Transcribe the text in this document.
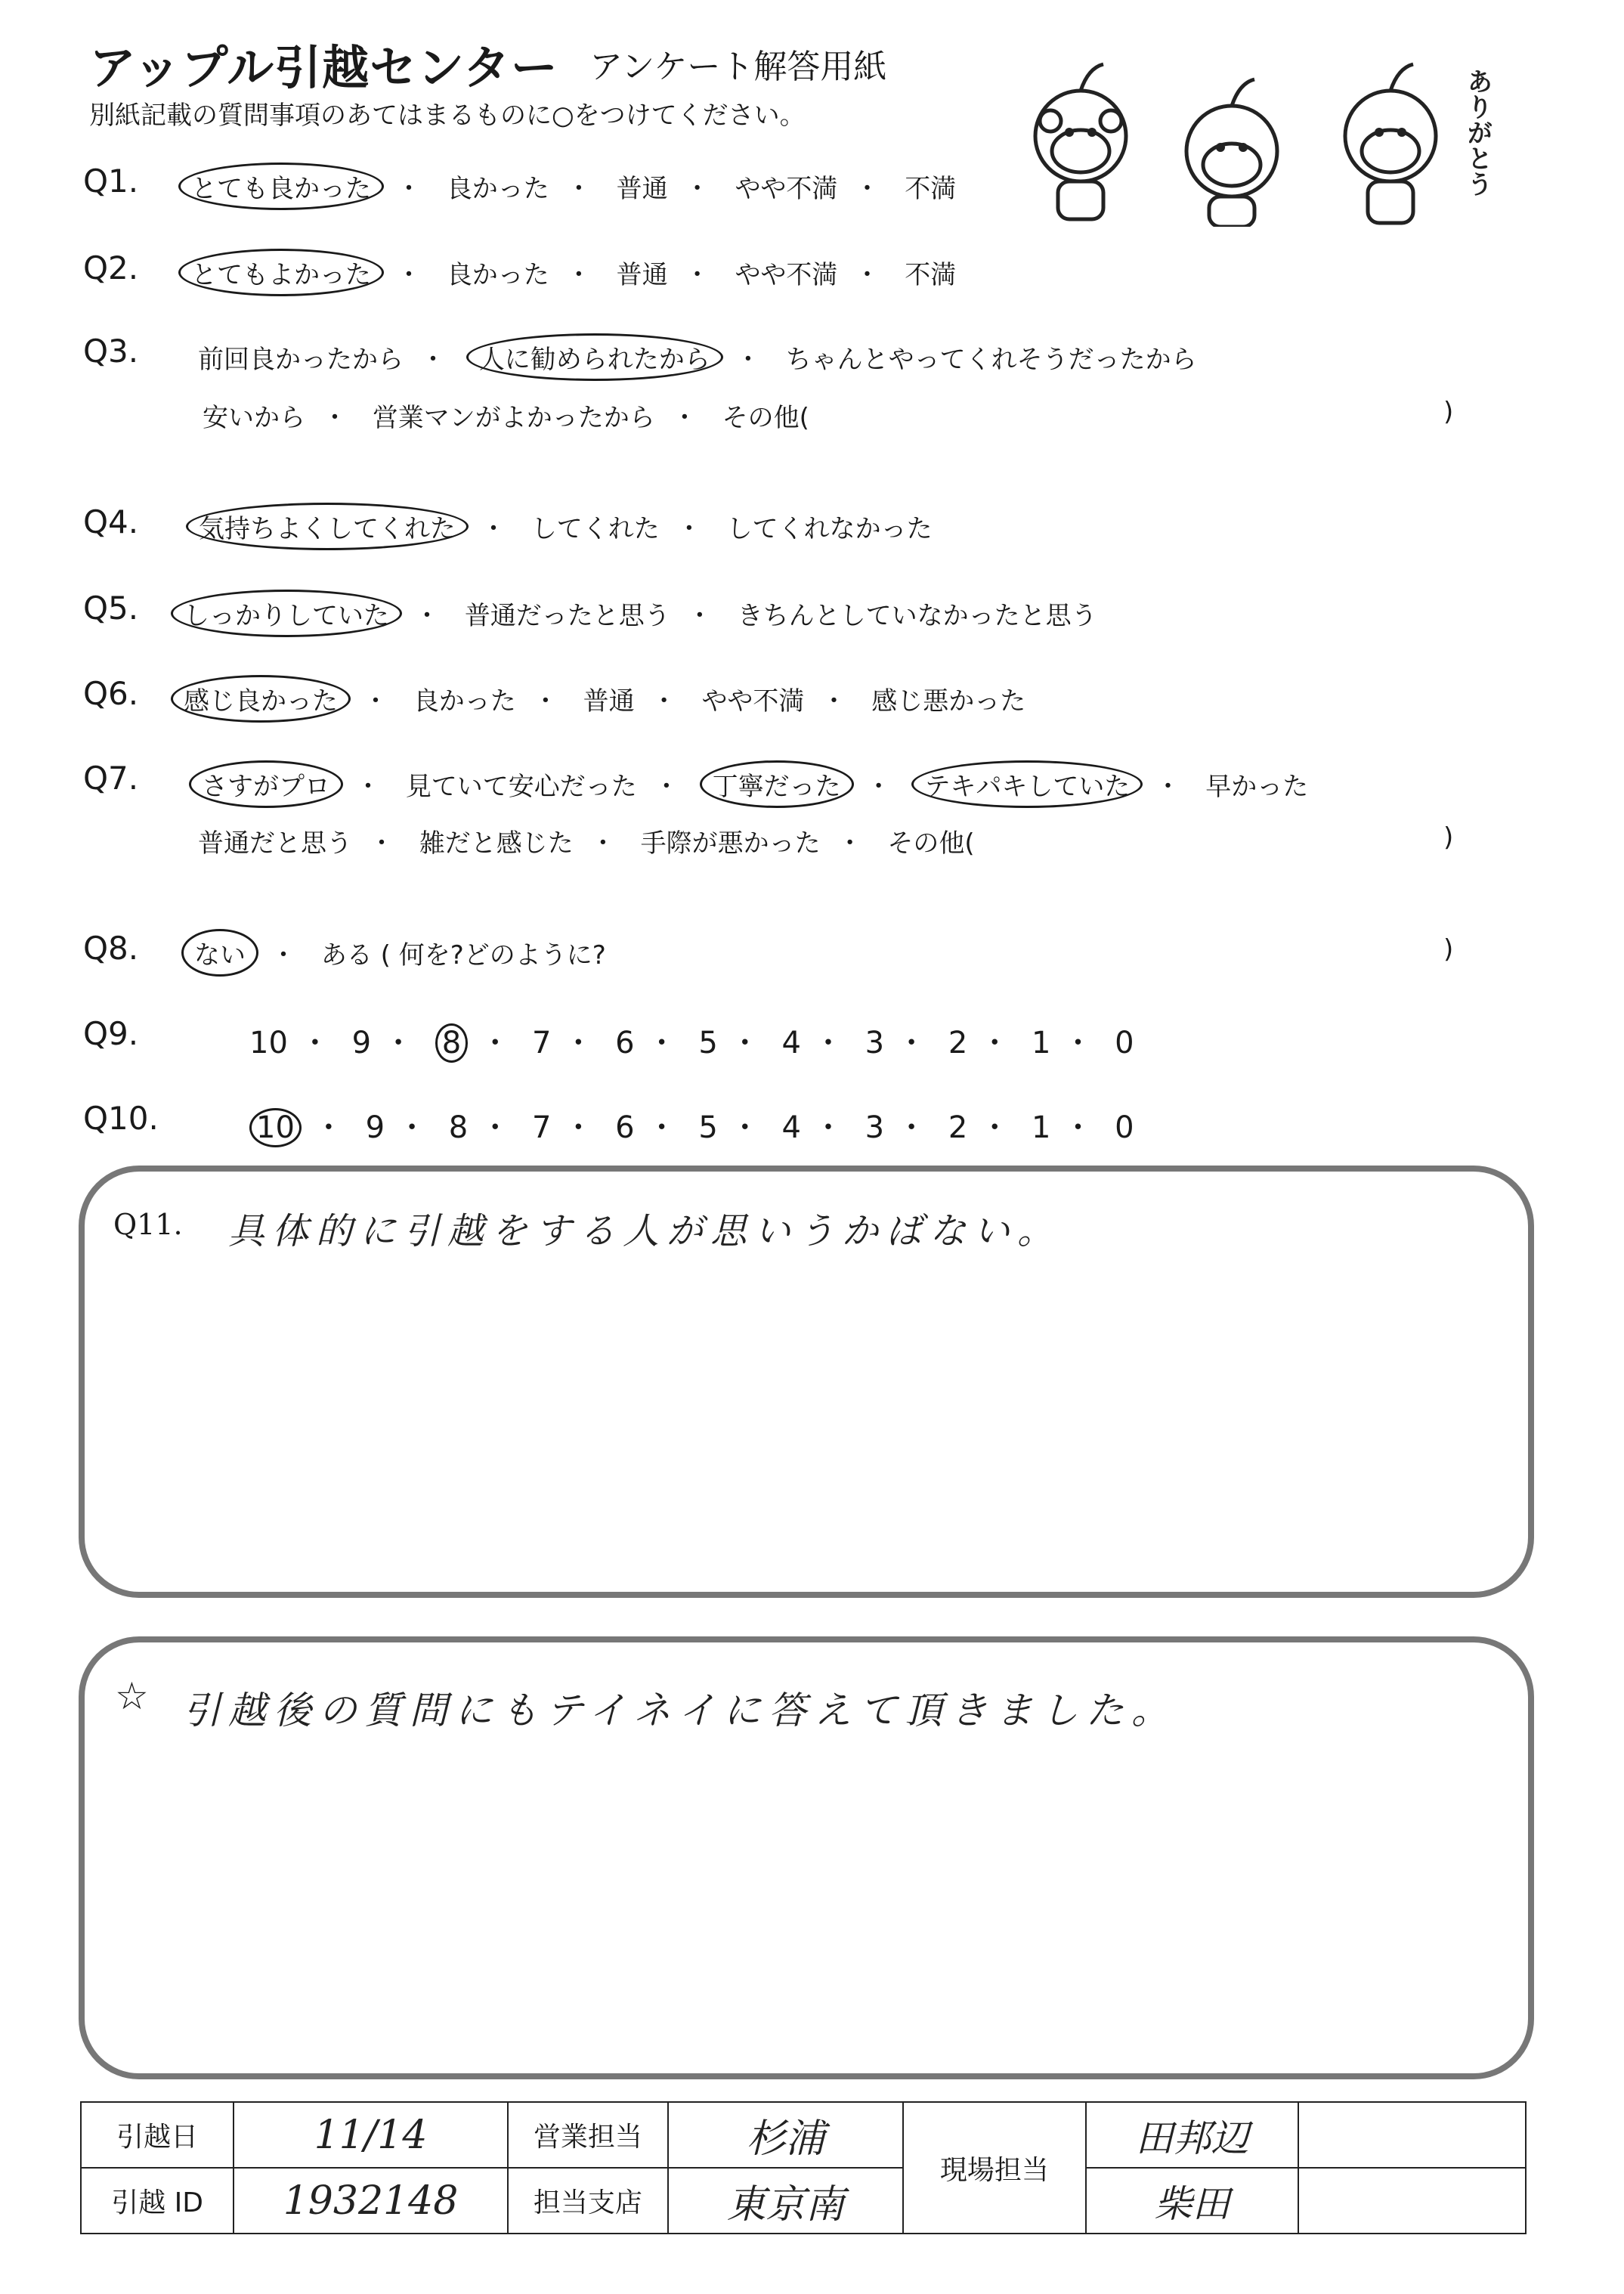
アップル引越センター アンケート解答用紙
別紙記載の質問事項のあてはまるものに○をつけてください。	ありがとう
Q1.	とても良かった ・ 良かった ・ 普通 ・ やや不満 ・ 不満
Q2.	とてもよかった ・ 良かった ・ 普通 ・ やや不満 ・ 不満
Q3. 前回良かったから ・ 人に勧められたから ・ ちゃんとやってくれそうだったから
安いから ・ 営業マンがよかったから ・ その他(	)
Q4.	気持ちよくしてくれた ・ してくれた ・ してくれなかった
Q5.	しっかりしていた ・ 普通だったと思う ・ きちんとしていなかったと思う
Q6.	感じ良かった ・ 良かった ・ 普通 ・ やや不満 ・ 感じ悪かった
Q7.	さすがプロ ・ 見ていて安心だった ・ 丁寧だった ・ テキパキしていた ・ 早かった
普通だと思う ・ 雑だと感じた ・ 手際が悪かった ・ その他(	)
Q8.	ない ・ ある ( 何を?どのように?	)
Q9.	10 ・ 9 ・ 8 ・ 7 ・ 6 ・ 5 ・ 4 ・ 3 ・ 2 ・ 1 ・ 0
Q10.	10 ・ 9 ・ 8 ・ 7 ・ 6 ・ 5 ・ 4 ・ 3 ・ 2 ・ 1 ・ 0
Q11. 具体的に引越をする人が思いうかばない。
☆ 引越後の質問にもテイネイに答えて頂きました。
引越日	11/14	営業担当	杉浦	現場担当	田邦辺	
引越 ID	1932148	担当支店	東京南		柴田	
